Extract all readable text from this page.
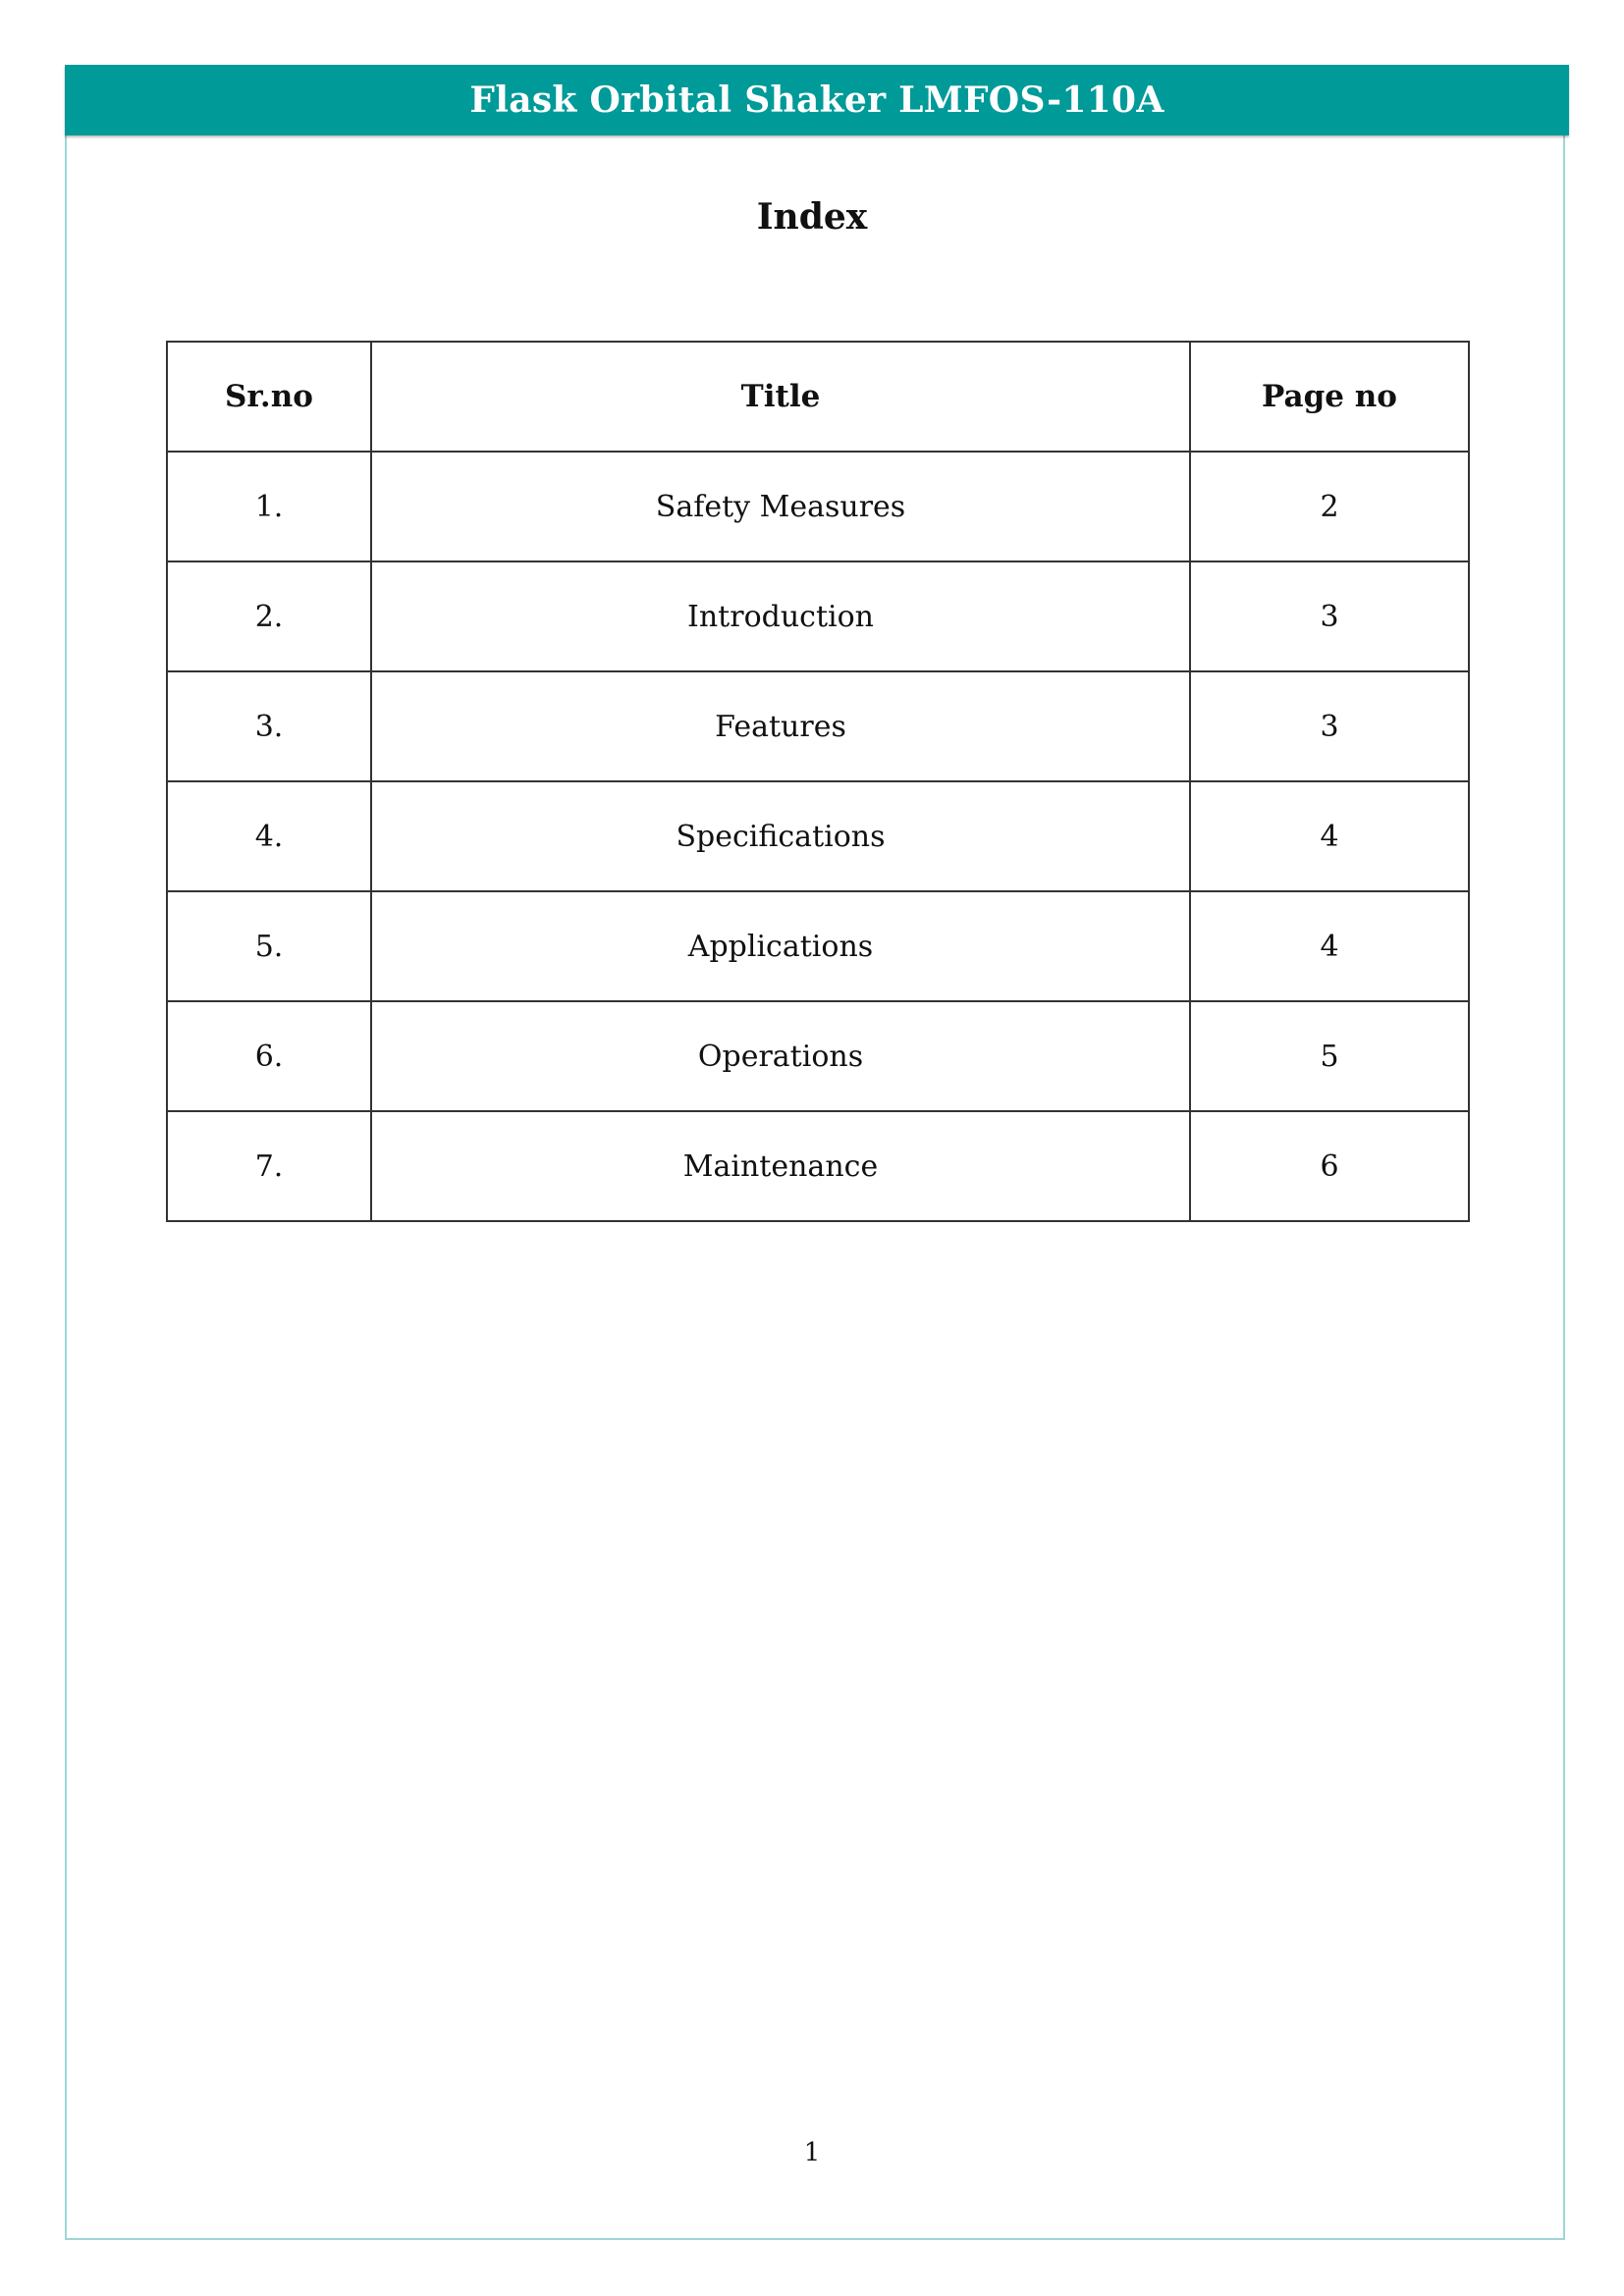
Flask Orbital Shaker LMFOS-110A
Index
Sr.no	Title	Page no
1.	Safety Measures	2
2.	Introduction	3
3.	Features	3
4.	Specifications	4
5.	Applications	4
6.	Operations	5
7.	Maintenance	6
1
